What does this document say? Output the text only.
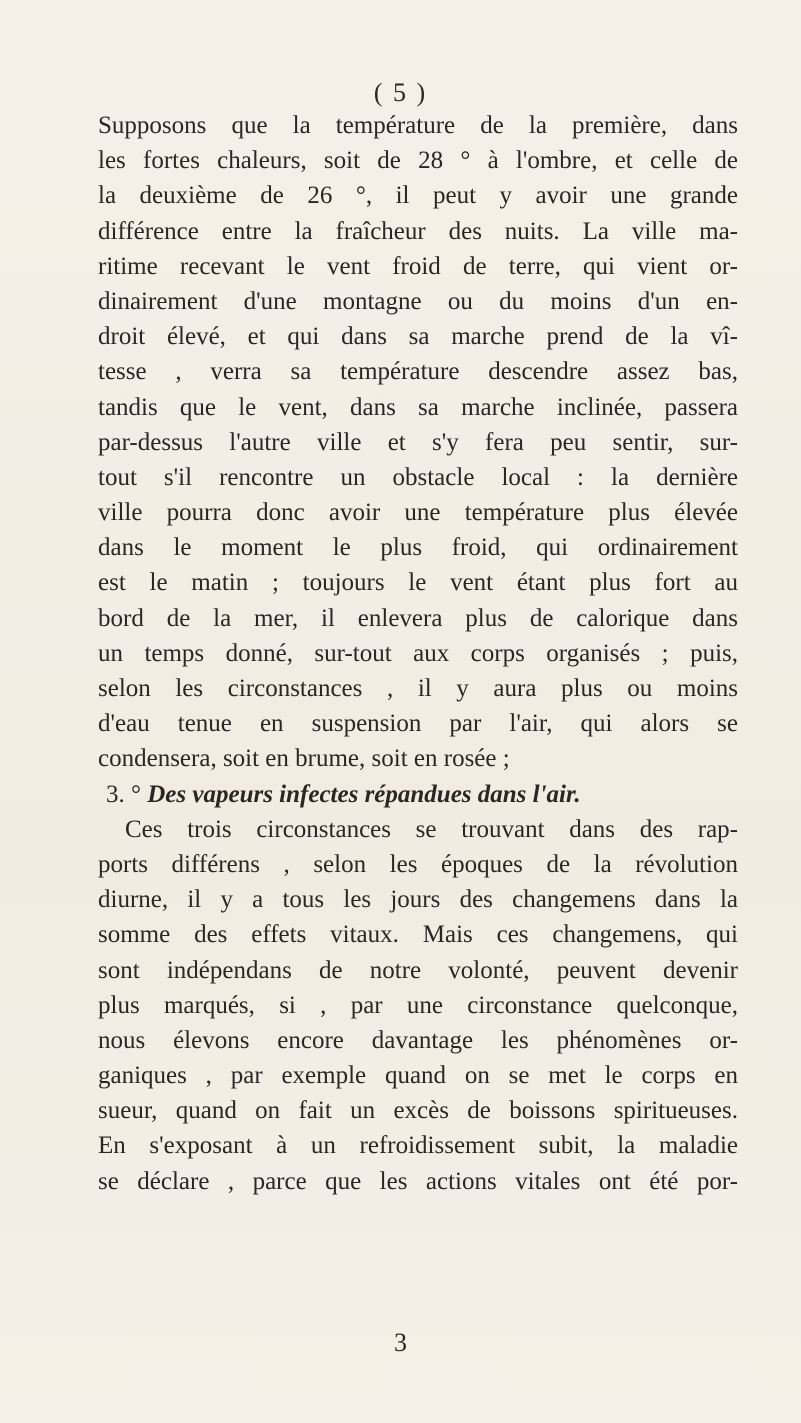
( 5 )
Supposons que la température de la première, dans
les fortes chaleurs, soit de 28 ° à l'ombre, et celle de
la deuxième de 26 °, il peut y avoir une grande
différence entre la fraîcheur des nuits. La ville ma-
ritime recevant le vent froid de terre, qui vient or-
dinairement d'une montagne ou du moins d'un en-
droit élevé, et qui dans sa marche prend de la vî-
tesse , verra sa température descendre assez bas,
tandis que le vent, dans sa marche inclinée, passera
par-dessus l'autre ville et s'y fera peu sentir, sur-
tout s'il rencontre un obstacle local : la dernière
ville pourra donc avoir une température plus élevée
dans le moment le plus froid, qui ordinairement
est le matin ; toujours le vent étant plus fort au
bord de la mer, il enlevera plus de calorique dans
un temps donné, sur-tout aux corps organisés ; puis,
selon les circonstances , il y aura plus ou moins
d'eau tenue en suspension par l'air, qui alors se
condensera, soit en brume, soit en rosée ;
3. ° Des vapeurs infectes répandues dans l'air.
Ces trois circonstances se trouvant dans des rap-
ports différens , selon les époques de la révolution
diurne, il y a tous les jours des changemens dans la
somme des effets vitaux. Mais ces changemens, qui
sont indépendans de notre volonté, peuvent devenir
plus marqués, si , par une circonstance quelconque,
nous élevons encore davantage les phénomènes or-
ganiques , par exemple quand on se met le corps en
sueur, quand on fait un excès de boissons spiritueuses.
En s'exposant à un refroidissement subit, la maladie
se déclare , parce que les actions vitales ont été por-
3
